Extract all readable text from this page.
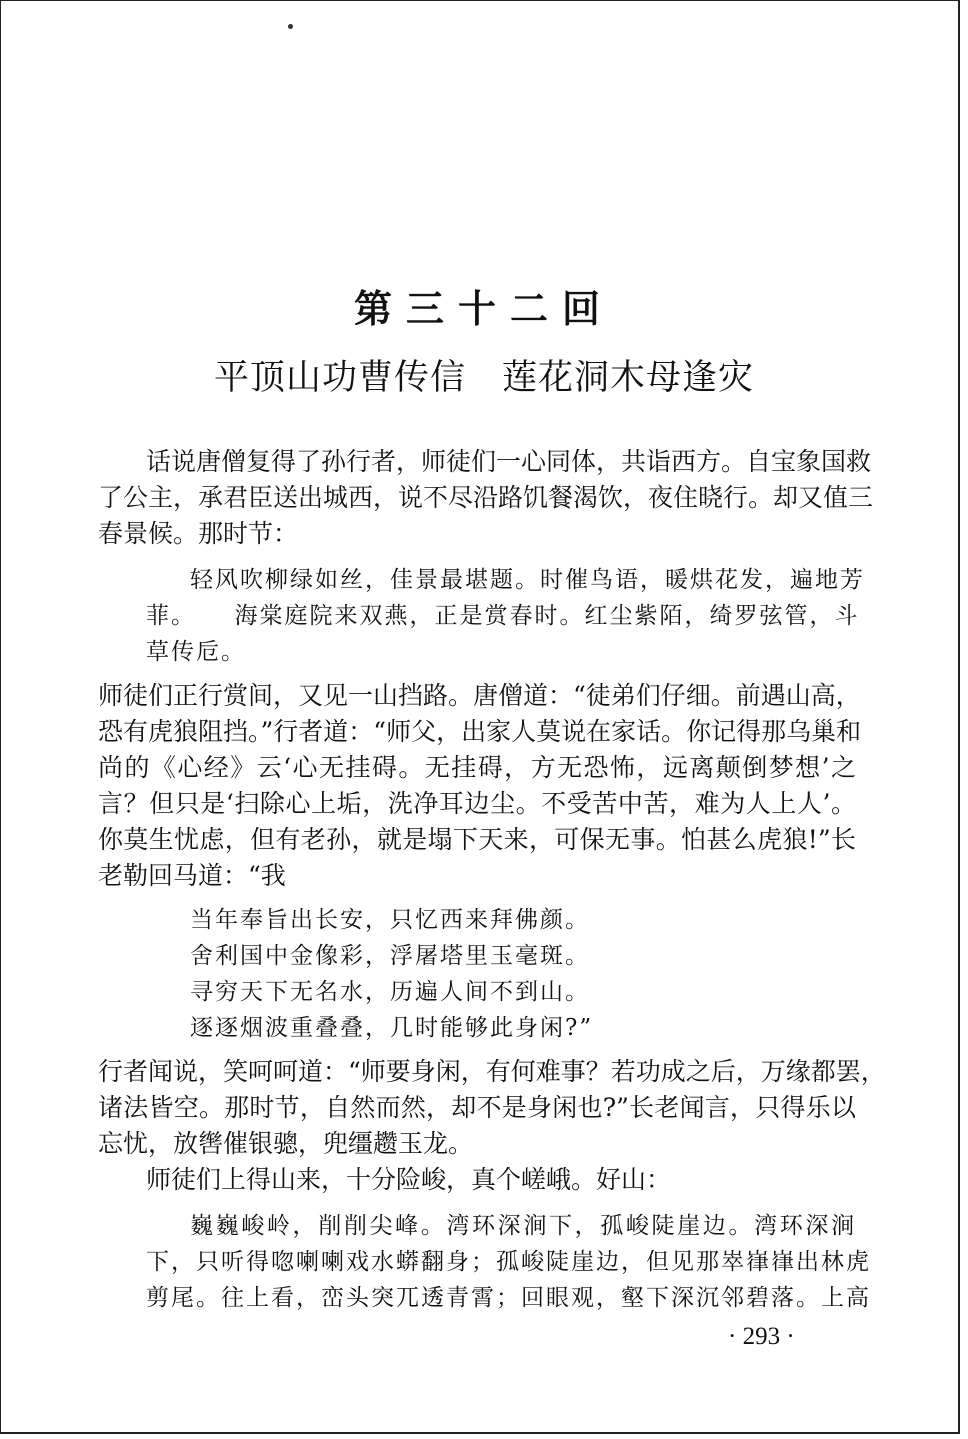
第三十二回
平顶山功曹传信　莲花洞木母逢灾
话说唐僧复得了孙行者，师徒们一心同体，共诣西方。自宝象国救
了公主，承君臣送出城西，说不尽沿路饥餐渴饮，夜住晓行。却又值三
春景候。那时节：
轻风吹柳绿如丝，佳景最堪题。时催鸟语，暖烘花发，遍地芳
菲。　　海棠庭院来双燕，正是赏春时。红尘紫陌，绮罗弦管，斗
草传卮。
师徒们正行赏间，又见一山挡路。唐僧道：“徒弟们仔细。前遇山高，
恐有虎狼阻挡。”行者道：“师父，出家人莫说在家话。你记得那乌巢和
尚的《心经》云‘心无挂碍。无挂碍，方无恐怖，远离颠倒梦想’之
言？但只是‘扫除心上垢，洗净耳边尘。不受苦中苦，难为人上人’。
你莫生忧虑，但有老孙，就是塌下天来，可保无事。怕甚么虎狼!”长
老勒回马道：“我
当年奉旨出长安，只忆西来拜佛颜。
舍利国中金像彩，浮屠塔里玉毫斑。
寻穷天下无名水，历遍人间不到山。
逐逐烟波重叠叠，几时能够此身闲?”
行者闻说，笑呵呵道：“师要身闲，有何难事？若功成之后，万缘都罢，
诸法皆空。那时节，自然而然，却不是身闲也?”长老闻言，只得乐以
忘忧，放辔催银骢，兜缰趱玉龙。
师徒们上得山来，十分险峻，真个嵯峨。好山：
巍巍峻岭，削削尖峰。湾环深涧下，孤峻陡崖边。湾环深涧
下，只听得唿喇喇戏水蟒翻身；孤峻陡崖边，但见那崒嵂嵂出林虎
剪尾。往上看，峦头突兀透青霄；回眼观，壑下深沉邻碧落。上高
· 293 ·
